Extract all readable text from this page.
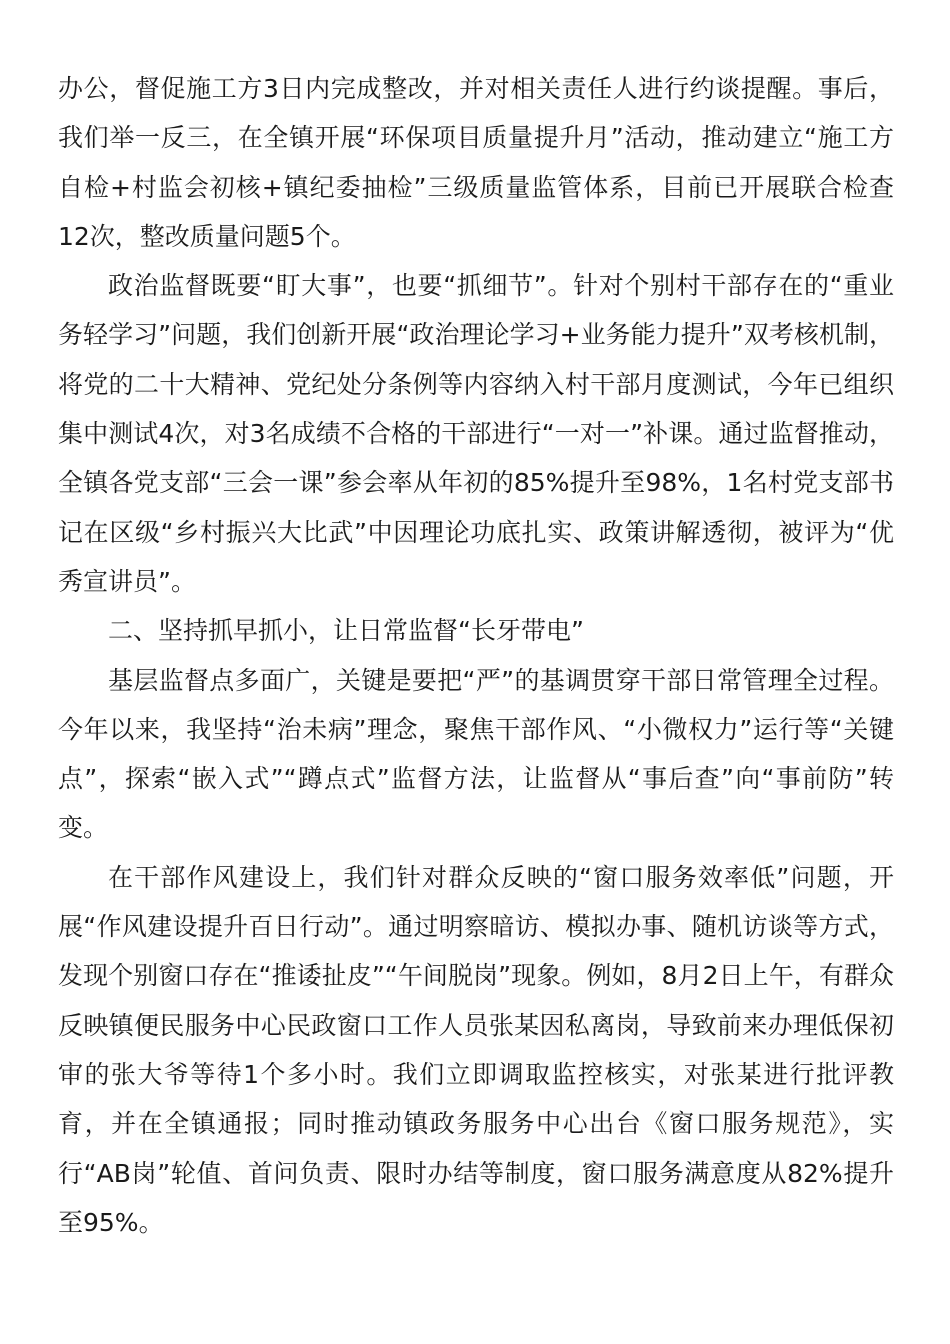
办公，督促施工方3日内完成整改，并对相关责任人进行约谈提醒。事后，我们举一反三，在全镇开展“环保项目质量提升月”活动，推动建立“施工方自检+村监会初核+镇纪委抽检”三级质量监管体系，目前已开展联合检查12次，整改质量问题5个。

政治监督既要“盯大事”，也要“抓细节”。针对个别村干部存在的“重业务轻学习”问题，我们创新开展“政治理论学习+业务能力提升”双考核机制，将党的二十大精神、党纪处分条例等内容纳入村干部月度测试，今年已组织集中测试4次，对3名成绩不合格的干部进行“一对一”补课。通过监督推动，全镇各党支部“三会一课”参会率从年初的85%提升至98%，1名村党支部书记在区级“乡村振兴大比武”中因理论功底扎实、政策讲解透彻，被评为“优秀宣讲员”。

二、坚持抓早抓小，让日常监督“长牙带电”

基层监督点多面广，关键是要把“严”的基调贯穿干部日常管理全过程。今年以来，我坚持“治未病”理念，聚焦干部作风、“小微权力”运行等“关键点”，探索“嵌入式”“蹲点式”监督方法，让监督从“事后查”向“事前防”转变。

在干部作风建设上，我们针对群众反映的“窗口服务效率低”问题，开展“作风建设提升百日行动”。通过明察暗访、模拟办事、随机访谈等方式，发现个别窗口存在“推诿扯皮”“午间脱岗”现象。例如，8月2日上午，有群众反映镇便民服务中心民政窗口工作人员张某因私离岗，导致前来办理低保初审的张大爷等待1个多小时。我们立即调取监控核实，对张某进行批评教育，并在全镇通报；同时推动镇政务服务中心出台《窗口服务规范》，实行“AB岗”轮值、首问负责、限时办结等制度，窗口服务满意度从82%提升至95%。
